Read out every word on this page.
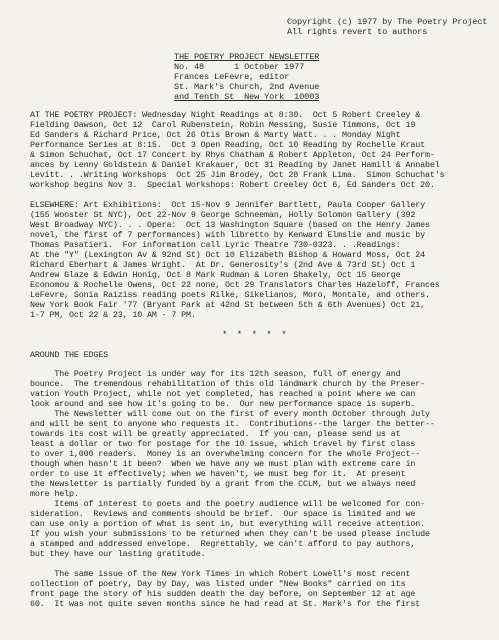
Copyright (c) 1977 by The Poetry Project
All rights revert to authors
THE POETRY PROJECT NEWSLETTER
No. 48      1 October 1977
Frances LeFevre, editor
St. Mark's Church, 2nd Avenue
and Tenth St  New York  10003
AT THE POETRY PROJECT: Wednesday Night Readings at 8:30.  Oct 5 Robert Creeley &
Fielding Dawson, Oct 12  Carol Rubenstein, Robin Messing, Susie Timmons, Oct 19
Ed Sanders & Richard Price, Oct 26 Otis Brown & Marty Watt. . . Monday Night
Performance Series at 8:15.  Oct 3 Open Reading, Oct 10 Reading by Rochelle Kraut
& Simon Schuchat, Oct 17 Concert by Rhys Chatham & Robert Appleton, Oct 24 Perform-
ances by Lenny Goldstein & Daniel Krakauer, Oct 31 Reading by Janet Hamill & Annabel
Levitt. . .Writing Workshops  Oct 25 Jim Brodey, Oct 28 Frank Lima.  Simon Schuchat's
workshop begins Nov 3.  Special Workshops: Robert Creeley Oct 6, Ed Sanders Oct 20.
ELSEWHERE: Art Exhibitions:  Oct 15-Nov 9 Jennifer Bartlett, Paula Cooper Gallery
(155 Wooster St NYC), Oct 22-Nov 9 George Schneeman, Holly Solomon Gallery (392
West Broadway NYC). . . Opera:  Oct 13 Washington Square (based on the Henry James
novel, the first of 7 performances) with libretto by Kenward Elmslie and music by
Thomas Pasatieri.  For information call Lyric Theatre 730-0323. . .Readings:
At the "Y" (Lexington Av & 92nd St) Oct 10 Elizabeth Bishop & Howard Moss, Oct 24
Richard Eberhart & James Wright.  At Dr. Generosity's (2nd Ave & 73rd St) Oct 1
Andrew Glaze & Edwin Honig, Oct 8 Mark Rudman & Loren Shakely, Oct 15 George
Economou & Rochelle Owens, Oct 22 none, Oct 29 Translators Charles Hazeloff, Frances
LeFevre, Sonia Raiziss reading poets Rilke, Sikelianos, Moro, Montale, and others.
New York Book Fair '77 (Bryant Park at 42nd St between 5th & 6th Avenues) Oct 21,
1-7 PM, Oct 22 & 23, 10 AM - 7 PM.
* * * * *
AROUND THE EDGES
The Poetry Project is under way for its 12th season, full of energy and
bounce.  The tremendous rehabilitation of this old landmark church by the Preser-
vation Youth Project, while not yet completed, has reached a point where we can
look around and see how it's going to be.  Our new performance space is superb.
The Newsletter will come out on the first of every month October through July
and will be sent to anyone who requests it.  Contributions--the larger the better--
towards its cost will be greatly appreciated.  If you can, please send us at
least a dollar or two for postage for the 10 issue, which travel by first class
to over 1,000 readers.  Money is an overwhelming concern for the whole Project--
though when hasn't it been?  When we have any we must plan with extreme care in
order to use it effectively; when we haven't, we must beg for it.  At present
the Newsletter is partially funded by a grant from the CCLM, but we always need
more help.
Items of interest to poets and the poetry audience will be welcomed for con-
sideration.  Reviews and comments should be brief.  Our space is limited and we
can use only a portion of what is sent in, but everything will receive attention.
If you wish your submissions to be returned when they can't be used please include
a stamped and addressed envelope.  Regrettably, we can't afford to pay authors,
but they have our lasting gratitude.
The same issue of the New York Times in which Robert Lowell's most recent
collection of poetry, Day by Day, was listed under "New Books" carried on its
front page the story of his sudden death the day before, on September 12 at age
60.  It was not quite seven months since he had read at St. Mark's for the first
